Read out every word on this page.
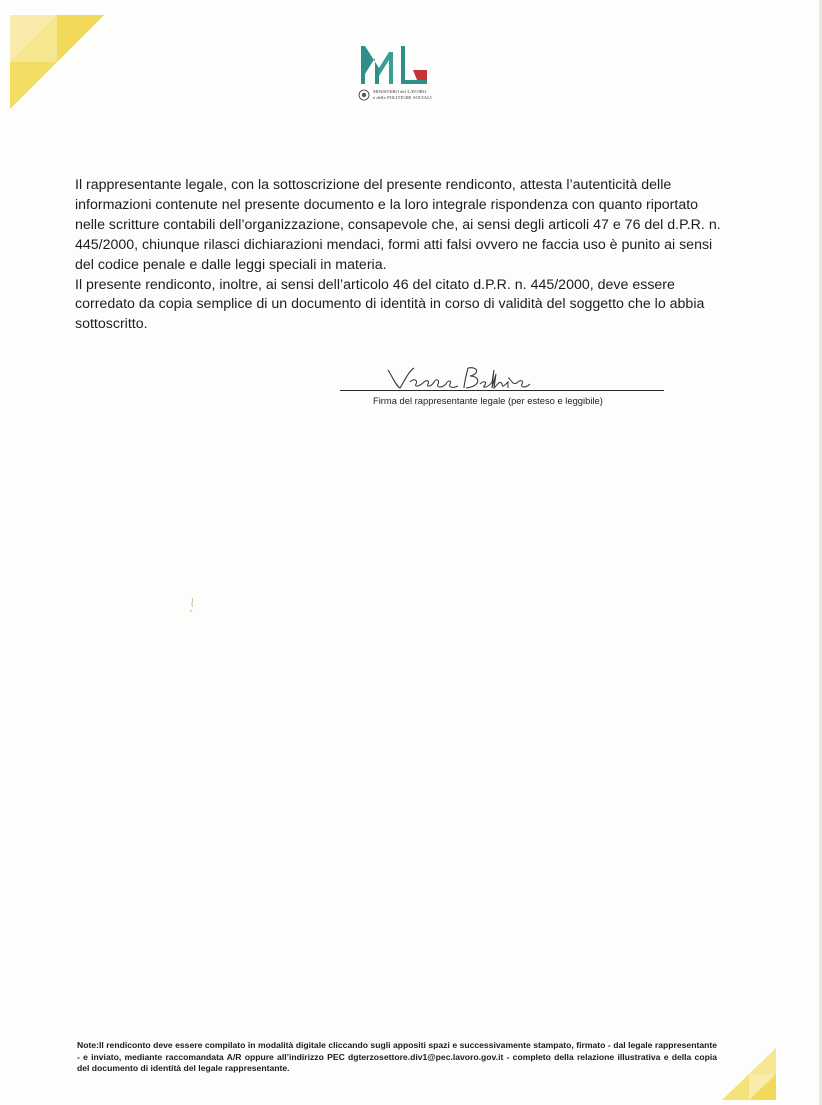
MINISTERO del LAVORO
e delle POLITICHE SOCIALI

Il rappresentante legale, con la sottoscrizione del presente rendiconto, attesta l’autenticità delle informazioni contenute nel presente documento e la loro integrale rispondenza con quanto riportato nelle scritture contabili dell’organizzazione, consapevole che, ai sensi degli articoli 47 e 76 del d.P.R. n. 445/2000, chiunque rilasci dichiarazioni mendaci, formi atti falsi ovvero ne faccia uso è punito ai sensi del codice penale e dalle leggi speciali in materia.

Il presente rendiconto, inoltre, ai sensi dell’articolo 46 del citato d.P.R. n. 445/2000, deve essere corredato da copia semplice di un documento di identità in corso di validità del soggetto che lo abbia sottoscritto.

Firma del rappresentante legale (per esteso e leggibile)

Note:Il rendiconto deve essere compilato in modalità digitale cliccando sugli appositi spazi e successivamente stampato, firmato - dal legale rappresentante - e inviato, mediante raccomandata A/R oppure all’indirizzo PEC dgterzosettore.div1@pec.lavoro.gov.it - completo della relazione illustrativa e della copia del documento di identità del legale rappresentante.
